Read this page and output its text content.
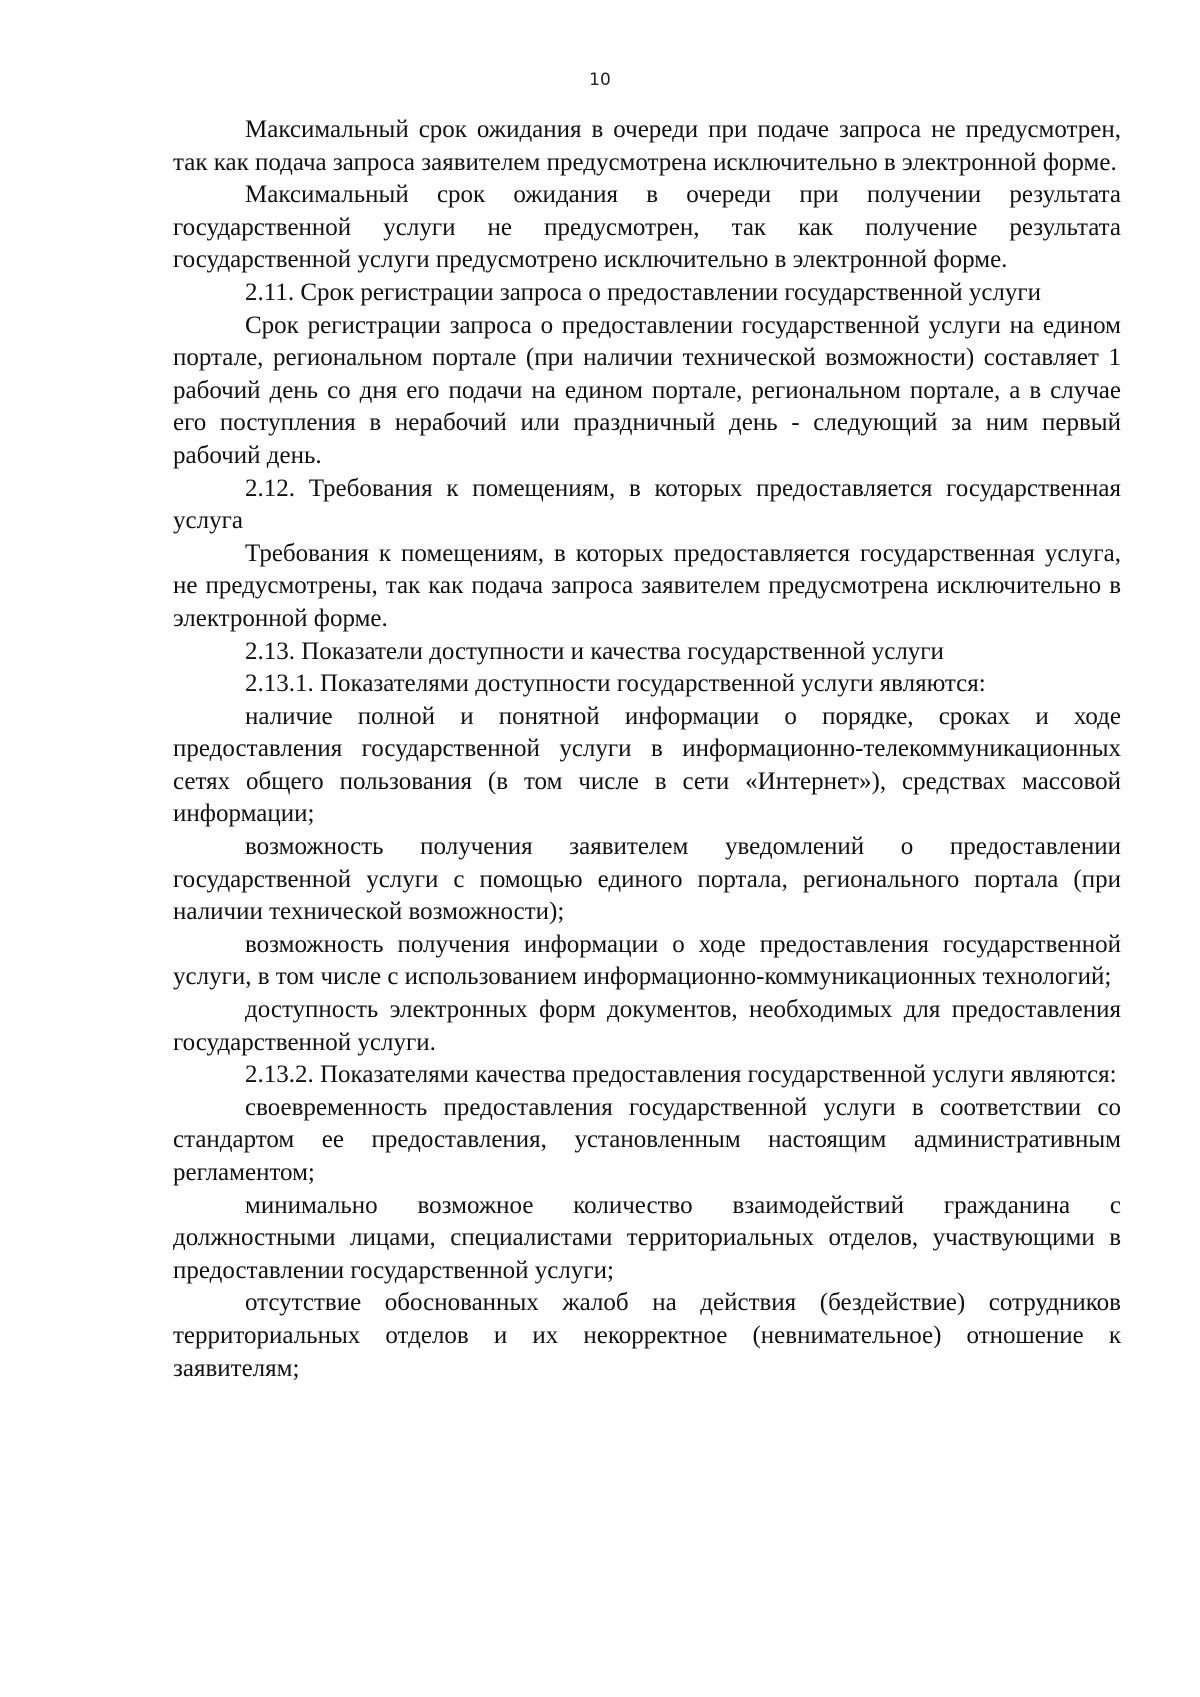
10

Максимальный срок ожидания в очереди при подаче запроса не предусмотрен, так как подача запроса заявителем предусмотрена исключительно в электронной форме.

Максимальный срок ожидания в очереди при получении результата государственной услуги не предусмотрен, так как получение результата государственной услуги предусмотрено исключительно в электронной форме.

2.11. Срок регистрации запроса о предоставлении государственной услуги

Срок регистрации запроса о предоставлении государственной услуги на едином портале, региональном портале (при наличии технической возможности) составляет 1 рабочий день со дня его подачи на едином портале, региональном портале, а в случае его поступления в нерабочий или праздничный день - следующий за ним первый рабочий день.

2.12. Требования к помещениям, в которых предоставляется государственная услуга

Требования к помещениям, в которых предоставляется государственная услуга, не предусмотрены, так как подача запроса заявителем предусмотрена исключительно в электронной форме.

2.13. Показатели доступности и качества государственной услуги

2.13.1. Показателями доступности государственной услуги являются:

наличие полной и понятной информации о порядке, сроках и ходе предоставления государственной услуги в информационно-телекоммуникационных сетях общего пользования (в том числе в сети «Интернет»), средствах массовой информации;

возможность получения заявителем уведомлений о предоставлении государственной услуги с помощью единого портала, регионального портала (при наличии технической возможности);

возможность получения информации о ходе предоставления государственной услуги, в том числе с использованием информационно-коммуникационных технологий;

доступность электронных форм документов, необходимых для предоставления государственной услуги.

2.13.2. Показателями качества предоставления государственной услуги являются:

своевременность предоставления государственной услуги в соответствии со стандартом ее предоставления, установленным настоящим административным регламентом;

минимально возможное количество взаимодействий гражданина с должностными лицами, специалистами территориальных отделов, участвующими в предоставлении государственной услуги;

отсутствие обоснованных жалоб на действия (бездействие) сотрудников территориальных отделов и их некорректное (невнимательное) отношение к заявителям;
